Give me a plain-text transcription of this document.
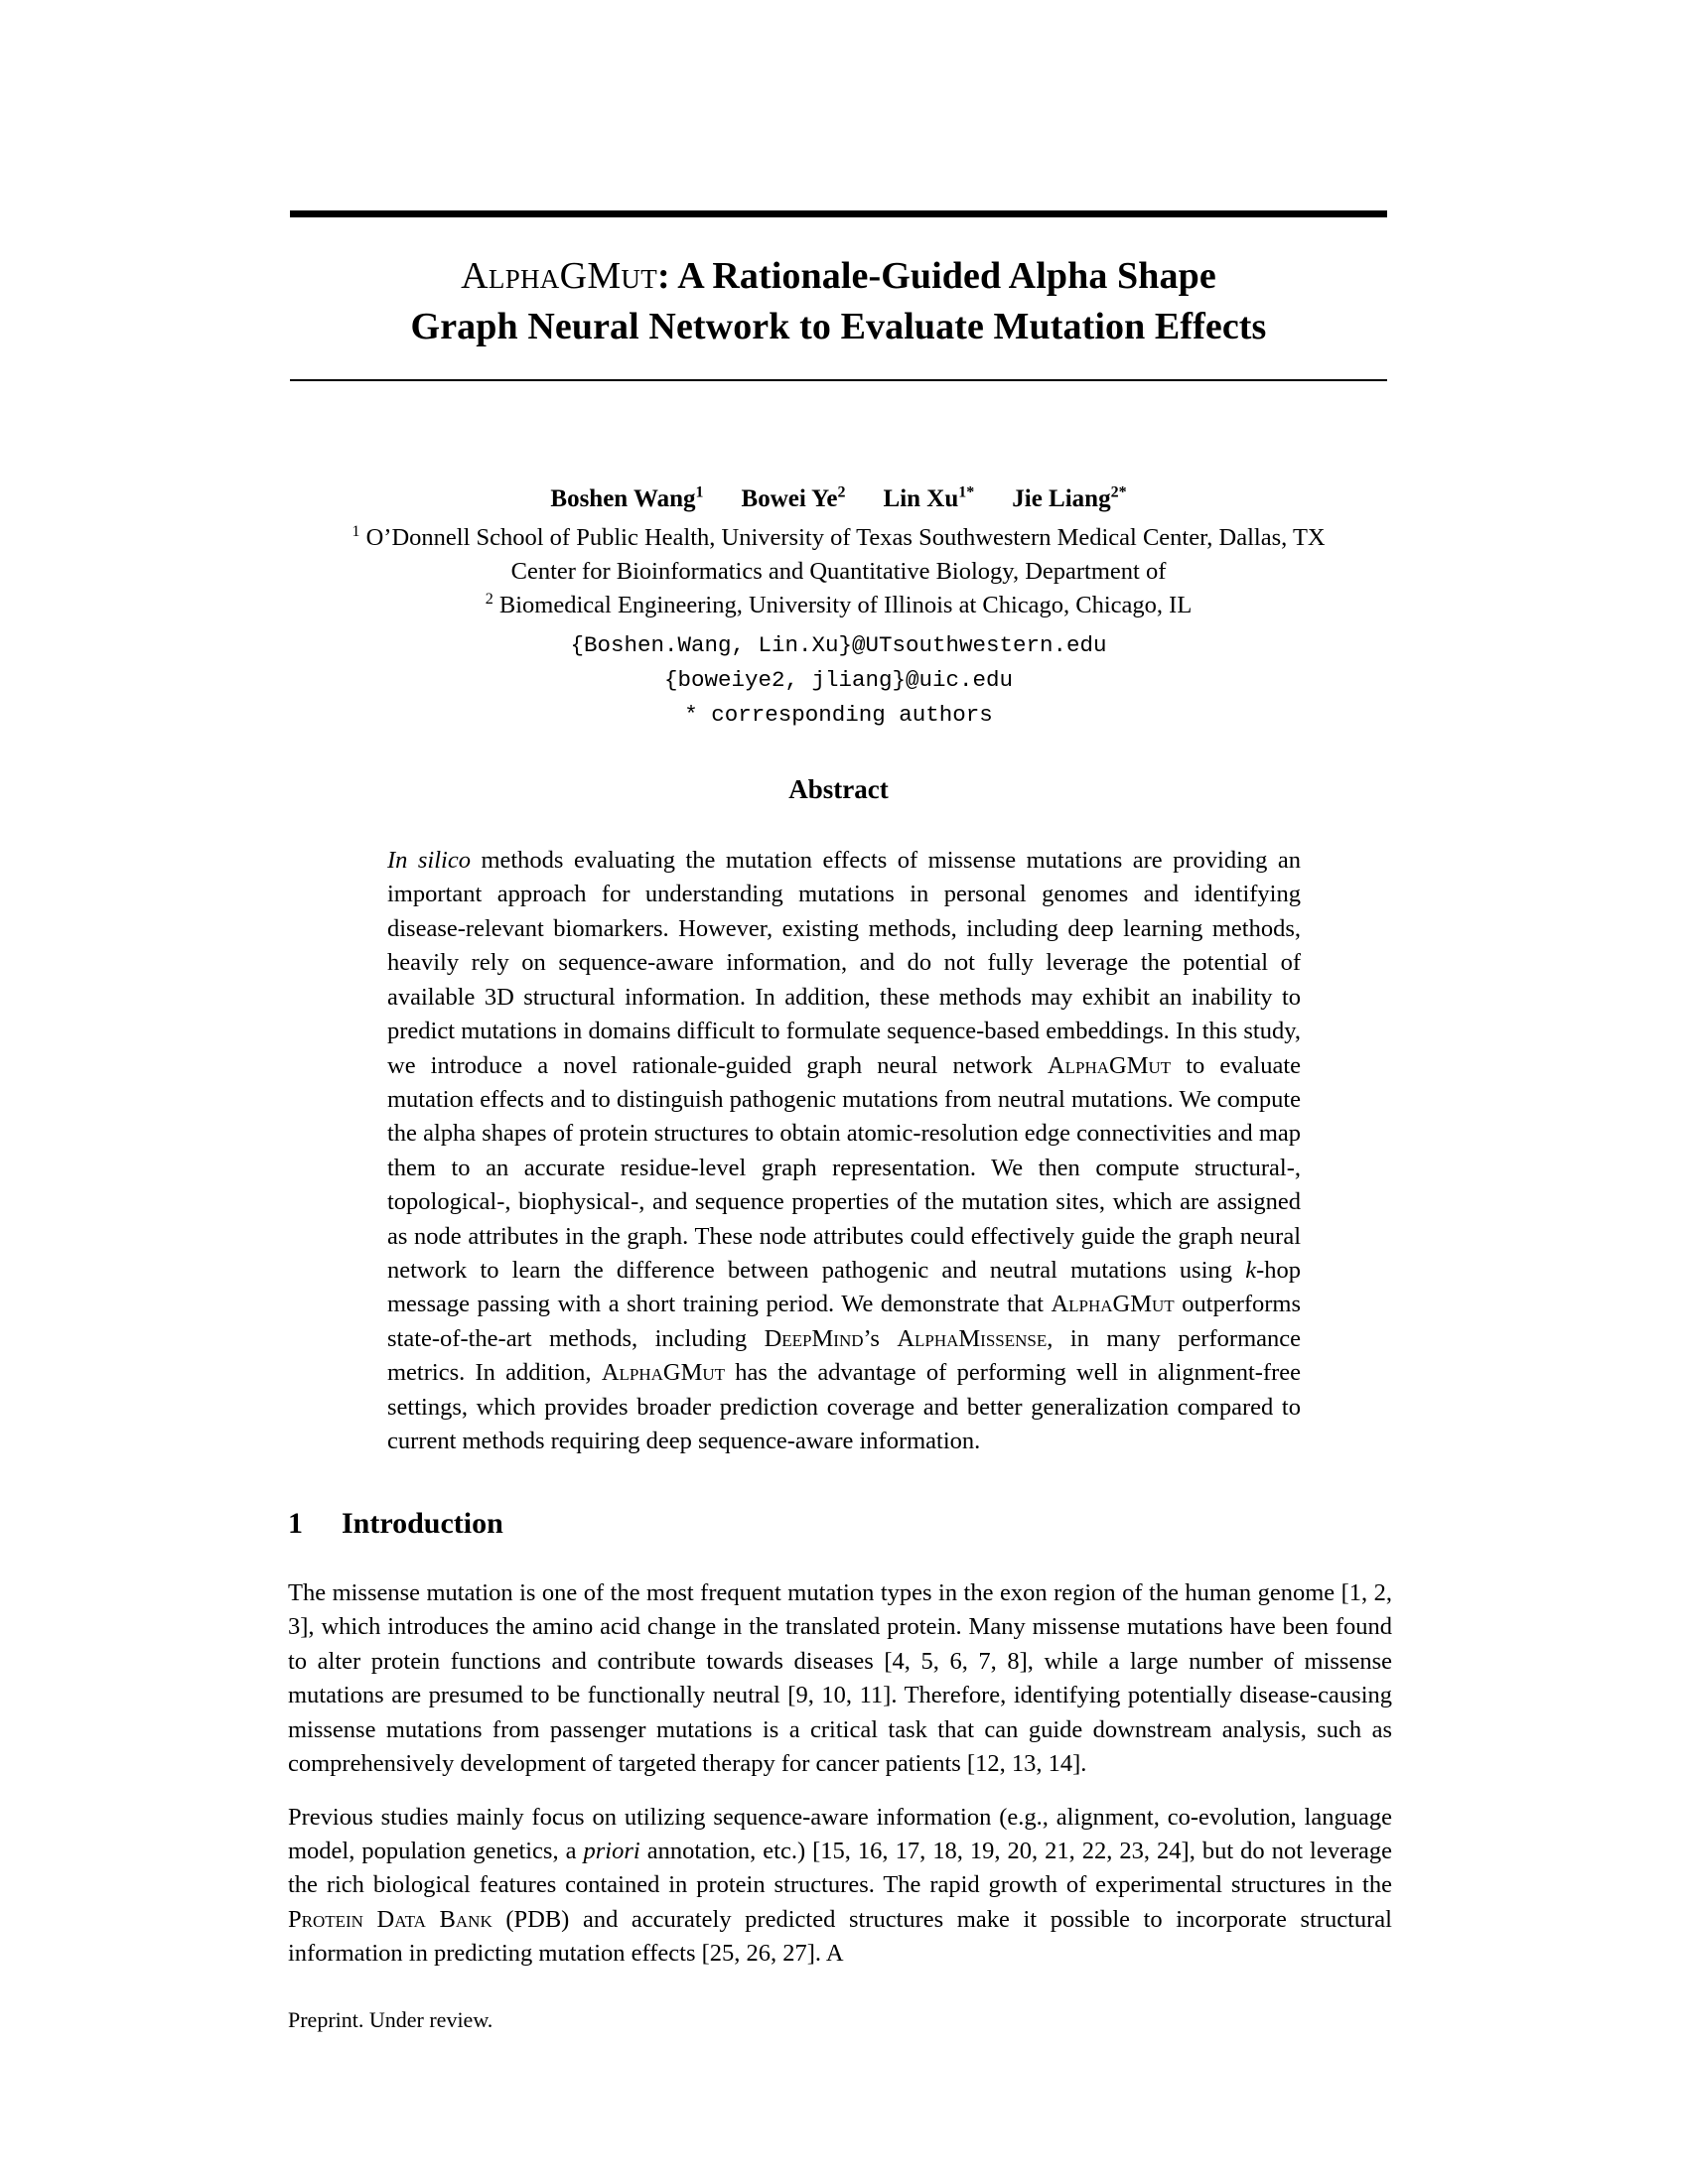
AlphaGMut: A Rationale-Guided Alpha Shape
Graph Neural Network to Evaluate Mutation Effects
Boshen Wang$^1$ Bowei Ye$^2$ Lin $Xu^{1*}$ Jie Liang$^{2*}$
$^1$ O’Donnell School of Public Health, University of Texas Southwestern Medical Center, Dallas, TX
Center for Bioinformatics and Quantitative Biology, Department of
$^2$ Biomedical Engineering, University of Illinois at Chicago, Chicago, IL
{Boshen.Wang, Lin.Xu}@UTsouthwestern.edu
{boweiye2, jliang}@uic.edu
* corresponding authors
Abstract

In silico methods evaluating the mutation effects of missense mutations are providing an important approach for understanding mutations in personal genomes and identifying disease-relevant biomarkers. However, existing methods, including deep learning methods, heavily rely on sequence-aware information, and do not fully leverage the potential of available 3D structural information. In addition, these methods may exhibit an inability to predict mutations in domains difficult to formulate sequence-based embeddings. In this study, we introduce a novel rationale-guided graph neural network AlphaGMut to evaluate mutation effects and to distinguish pathogenic mutations from neutral mutations. We compute the alpha shapes of protein structures to obtain atomic-resolution edge connectivities and map them to an accurate residue-level graph representation. We then compute structural-, topological-, biophysical-, and sequence properties of the mutation sites, which are assigned as node attributes in the graph. These node attributes could effectively guide the graph neural network to learn the difference between pathogenic and neutral mutations using k-hop message passing with a short training period. We demonstrate that AlphaGMut outperforms state-of-the-art methods, including DeepMind’s AlphaMissense, in many performance metrics. In addition, AlphaGMut has the advantage of performing well in alignment-free settings, which provides broader prediction coverage and better generalization compared to current methods requiring deep sequence-aware information.

1 Introduction

The missense mutation is one of the most frequent mutation types in the exon region of the human genome [1, 2, 3], which introduces the amino acid change in the translated protein. Many missense mutations have been found to alter protein functions and contribute towards diseases [4, 5, 6, 7, 8], while a large number of missense mutations are presumed to be functionally neutral [9, 10, 11]. Therefore, identifying potentially disease-causing missense mutations from passenger mutations is a critical task that can guide downstream analysis, such as comprehensively development of targeted therapy for cancer patients [12, 13, 14].

Previous studies mainly focus on utilizing sequence-aware information (e.g., alignment, co-evolution, language model, population genetics, a priori annotation, etc.) [15, 16, 17, 18, 19, 20, 21, 22, 23, 24], but do not leverage the rich biological features contained in protein structures. The rapid growth of experimental structures in the Protein Data Bank (PDB) and accurately predicted structures make it possible to incorporate structural information in predicting mutation effects [25, 26, 27]. A

Preprint. Under review.
